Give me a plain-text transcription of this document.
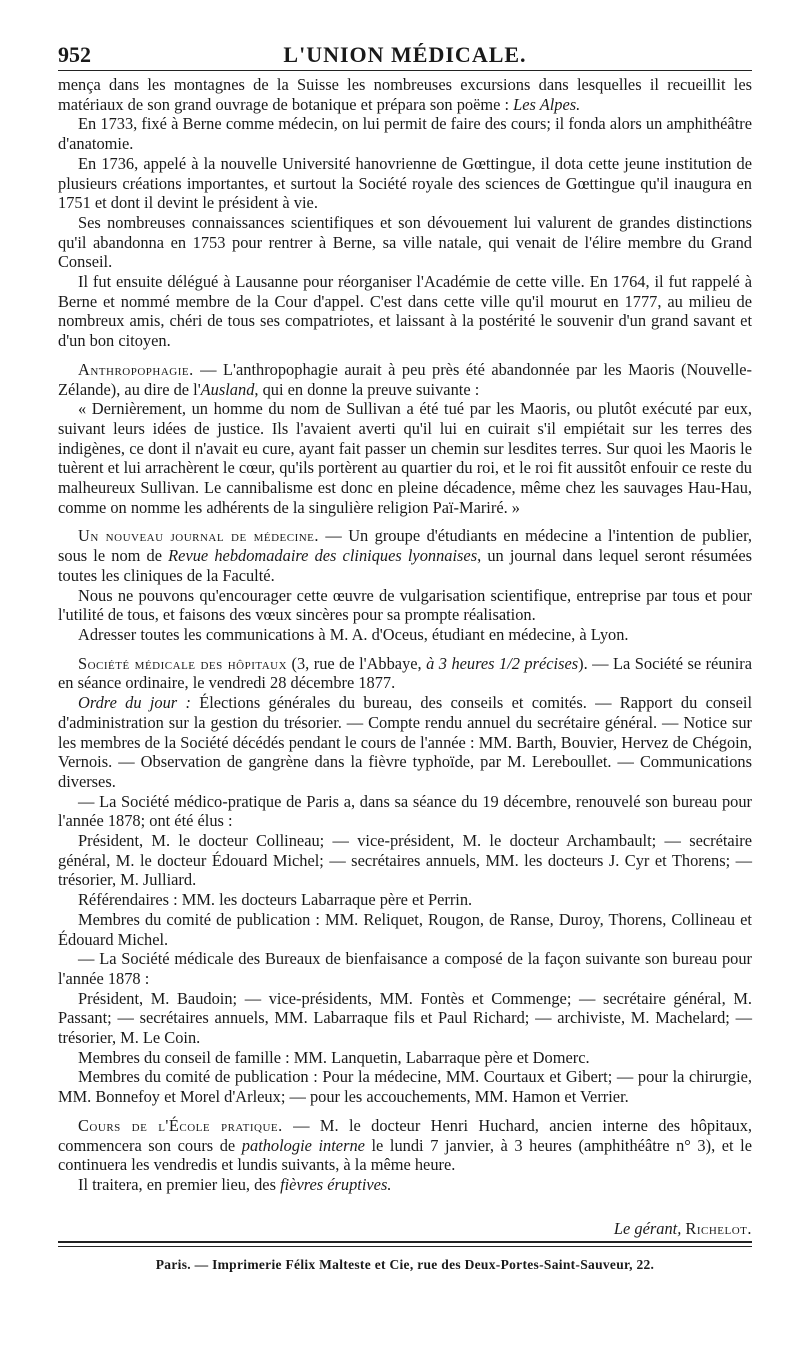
952	L'UNION MÉDICALE.

mença dans les montagnes de la Suisse les nombreuses excursions dans lesquelles il recueillit les matériaux de son grand ouvrage de botanique et prépara son poëme : Les Alpes.

En 1733, fixé à Berne comme médecin, on lui permit de faire des cours; il fonda alors un amphithéâtre d'anatomie.

En 1736, appelé à la nouvelle Université hanovrienne de Gœttingue, il dota cette jeune institution de plusieurs créations importantes, et surtout la Société royale des sciences de Gœttingue qu'il inaugura en 1751 et dont il devint le président à vie.

Ses nombreuses connaissances scientifiques et son dévouement lui valurent de grandes distinctions qu'il abandonna en 1753 pour rentrer à Berne, sa ville natale, qui venait de l'élire membre du Grand Conseil.

Il fut ensuite délégué à Lausanne pour réorganiser l'Académie de cette ville. En 1764, il fut rappelé à Berne et nommé membre de la Cour d'appel. C'est dans cette ville qu'il mourut en 1777, au milieu de nombreux amis, chéri de tous ses compatriotes, et laissant à la postérité le souvenir d'un grand savant et d'un bon citoyen.

Anthropophagie. — L'anthropophagie aurait à peu près été abandonnée par les Maoris (Nouvelle-Zélande), au dire de l'Ausland, qui en donne la preuve suivante :

« Dernièrement, un homme du nom de Sullivan a été tué par les Maoris, ou plutôt exécuté par eux, suivant leurs idées de justice. Ils l'avaient averti qu'il lui en cuirait s'il empiétait sur les terres des indigènes, ce dont il n'avait eu cure, ayant fait passer un chemin sur lesdites terres. Sur quoi les Maoris le tuèrent et lui arrachèrent le cœur, qu'ils portèrent au quartier du roi, et le roi fit aussitôt enfouir ce reste du malheureux Sullivan. Le cannibalisme est donc en pleine décadence, même chez les sauvages Hau-Hau, comme on nomme les adhérents de la singulière religion Paï-Mariré. »

Un nouveau journal de médecine. — Un groupe d'étudiants en médecine a l'intention de publier, sous le nom de Revue hebdomadaire des cliniques lyonnaises, un journal dans lequel seront résumées toutes les cliniques de la Faculté.

Nous ne pouvons qu'encourager cette œuvre de vulgarisation scientifique, entreprise par tous et pour l'utilité de tous, et faisons des vœux sincères pour sa prompte réalisation.

Adresser toutes les communications à M. A. d'Oceus, étudiant en médecine, à Lyon.

Société médicale des hôpitaux (3, rue de l'Abbaye, à 3 heures 1/2 précises). — La Société se réunira en séance ordinaire, le vendredi 28 décembre 1877.

Ordre du jour : Élections générales du bureau, des conseils et comités. — Rapport du conseil d'administration sur la gestion du trésorier. — Compte rendu annuel du secrétaire général. — Notice sur les membres de la Société décédés pendant le cours de l'année : MM. Barth, Bouvier, Hervez de Chégoin, Vernois. — Observation de gangrène dans la fièvre typhoïde, par M. Lereboullet. — Communications diverses.

— La Société médico-pratique de Paris a, dans sa séance du 19 décembre, renouvelé son bureau pour l'année 1878; ont été élus :

Président, M. le docteur Collineau; — vice-président, M. le docteur Archambault; — secrétaire général, M. le docteur Édouard Michel; — secrétaires annuels, MM. les docteurs J. Cyr et Thorens; — trésorier, M. Julliard.

Référendaires : MM. les docteurs Labarraque père et Perrin.

Membres du comité de publication : MM. Reliquet, Rougon, de Ranse, Duroy, Thorens, Collineau et Édouard Michel.

— La Société médicale des Bureaux de bienfaisance a composé de la façon suivante son bureau pour l'année 1878 :

Président, M. Baudoin; — vice-présidents, MM. Fontès et Commenge; — secrétaire général, M. Passant; — secrétaires annuels, MM. Labarraque fils et Paul Richard; — archiviste, M. Machelard; — trésorier, M. Le Coin.

Membres du conseil de famille : MM. Lanquetin, Labarraque père et Domerc.

Membres du comité de publication : Pour la médecine, MM. Courtaux et Gibert; — pour la chirurgie, MM. Bonnefoy et Morel d'Arleux; — pour les accouchements, MM. Hamon et Verrier.

Cours de l'École pratique. — M. le docteur Henri Huchard, ancien interne des hôpitaux, commencera son cours de pathologie interne le lundi 7 janvier, à 3 heures (amphithéâtre n° 3), et le continuera les vendredis et lundis suivants, à la même heure.

Il traitera, en premier lieu, des fièvres éruptives.

Le gérant, Richelot.
Paris. — Imprimerie Félix Malteste et Cie, rue des Deux-Portes-Saint-Sauveur, 22.
